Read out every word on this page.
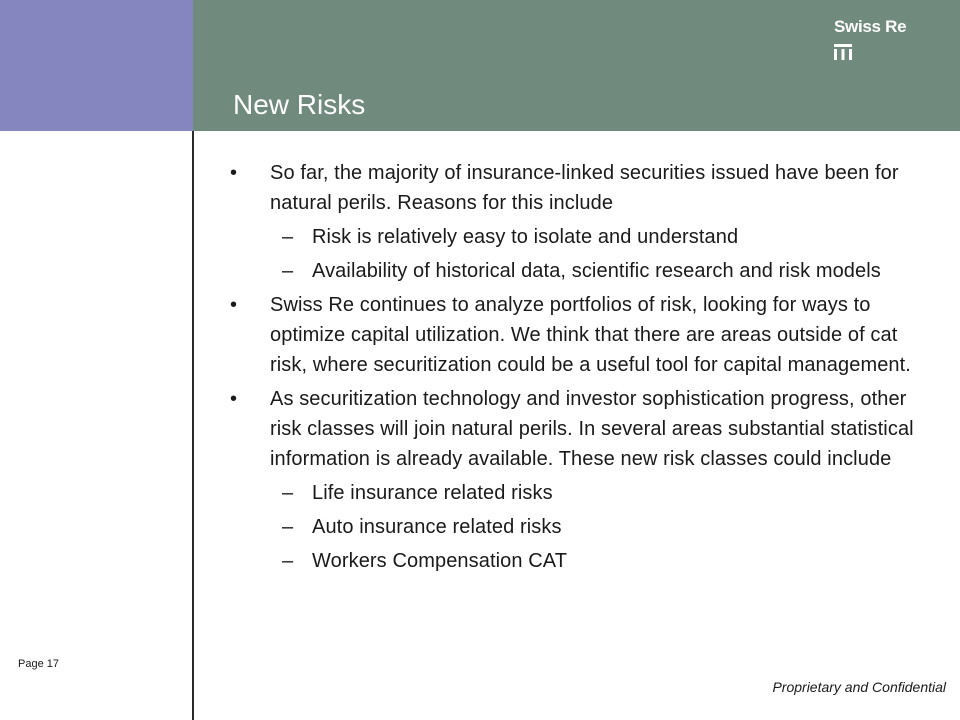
New Risks
Swiss Re
• So far, the majority of insurance-linked securities issued have been for natural perils. Reasons for this include
– Risk is relatively easy to isolate and understand
– Availability of historical data, scientific research and risk models
• Swiss Re continues to analyze portfolios of risk, looking for ways to optimize capital utilization. We think that there are areas outside of cat risk, where securitization could be a useful tool for capital management.
• As securitization technology and investor sophistication progress, other risk classes will join natural perils. In several areas substantial statistical information is already available. These new risk classes could include
– Life insurance related risks
– Auto insurance related risks
– Workers Compensation CAT
Page 17
Proprietary and Confidential
